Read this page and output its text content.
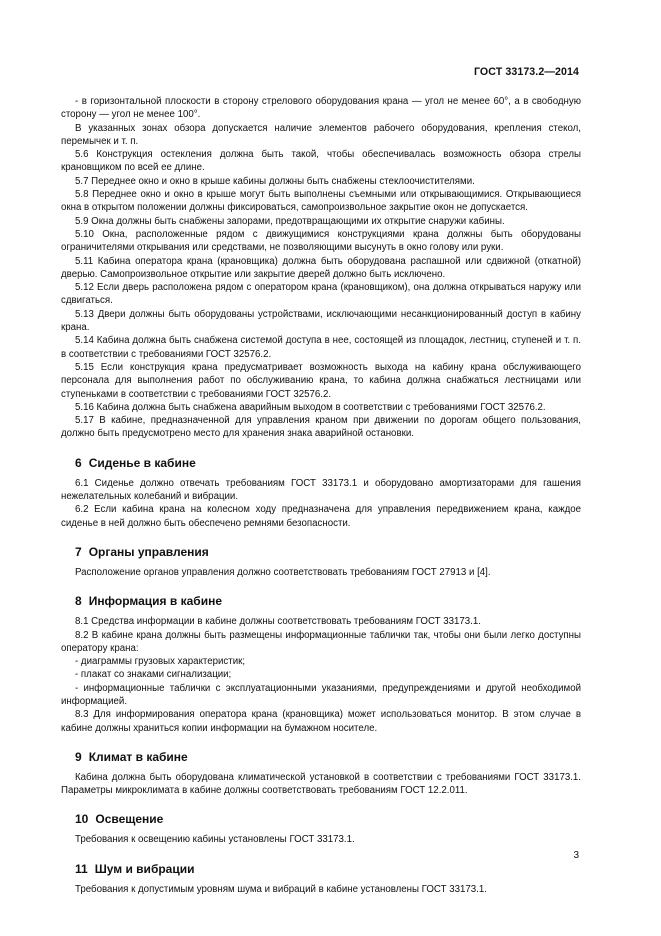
ГОСТ 33173.2—2014

- в горизонтальной плоскости в сторону стрелового оборудования крана — угол не менее 60°, а в свободную сторону — угол не менее 100°.

В указанных зонах обзора допускается наличие элементов рабочего оборудования, крепления стекол, перемычек и т. п.

5.6 Конструкция остекления должна быть такой, чтобы обеспечивалась возможность обзора стрелы крановщиком по всей ее длине.

5.7 Переднее окно и окно в крыше кабины должны быть снабжены стеклоочистителями.

5.8 Переднее окно и окно в крыше могут быть выполнены съемными или открывающимися. Открывающиеся окна в открытом положении должны фиксироваться, самопроизвольное закрытие окон не допускается.

5.9 Окна должны быть снабжены запорами, предотвращающими их открытие снаружи кабины.

5.10 Окна, расположенные рядом с движущимися конструкциями крана должны быть оборудованы ограничителями открывания или средствами, не позволяющими высунуть в окно голову или руки.

5.11 Кабина оператора крана (крановщика) должна быть оборудована распашной или сдвижной (откатной) дверью. Самопроизвольное открытие или закрытие дверей должно быть исключено.

5.12 Если дверь расположена рядом с оператором крана (крановщиком), она должна открываться наружу или сдвигаться.

5.13 Двери должны быть оборудованы устройствами, исключающими несанкционированный доступ в кабину крана.

5.14 Кабина должна быть снабжена системой доступа в нее, состоящей из площадок, лестниц, ступеней и т. п. в соответствии с требованиями ГОСТ 32576.2.

5.15 Если конструкция крана предусматривает возможность выхода на кабину крана обслуживающего персонала для выполнения работ по обслуживанию крана, то кабина должна снабжаться лестницами или ступеньками в соответствии с требованиями ГОСТ 32576.2.

5.16 Кабина должна быть снабжена аварийным выходом в соответствии с требованиями ГОСТ 32576.2.

5.17 В кабине, предназначенной для управления краном при движении по дорогам общего пользования, должно быть предусмотрено место для хранения знака аварийной остановки.

6 Сиденье в кабине

6.1 Сиденье должно отвечать требованиям ГОСТ 33173.1 и оборудовано амортизаторами для гашения нежелательных колебаний и вибрации.

6.2 Если кабина крана на колесном ходу предназначена для управления передвижением крана, каждое сиденье в ней должно быть обеспечено ремнями безопасности.

7 Органы управления

Расположение органов управления должно соответствовать требованиям ГОСТ 27913 и [4].

8 Информация в кабине

8.1 Средства информации в кабине должны соответствовать требованиям ГОСТ 33173.1.

8.2 В кабине крана должны быть размещены информационные таблички так, чтобы они были легко доступны оператору крана:

- диаграммы грузовых характеристик;

- плакат со знаками сигнализации;

- информационные таблички с эксплуатационными указаниями, предупреждениями и другой необходимой информацией.

8.3 Для информирования оператора крана (крановщика) может использоваться монитор. В этом случае в кабине должны храниться копии информации на бумажном носителе.

9 Климат в кабине

Кабина должна быть оборудована климатической установкой в соответствии с требованиями ГОСТ 33173.1. Параметры микроклимата в кабине должны соответствовать требованиям ГОСТ 12.2.011.

10 Освещение

Требования к освещению кабины установлены ГОСТ 33173.1.

11 Шум и вибрации

Требования к допустимым уровням шума и вибраций в кабине установлены ГОСТ 33173.1.

3
